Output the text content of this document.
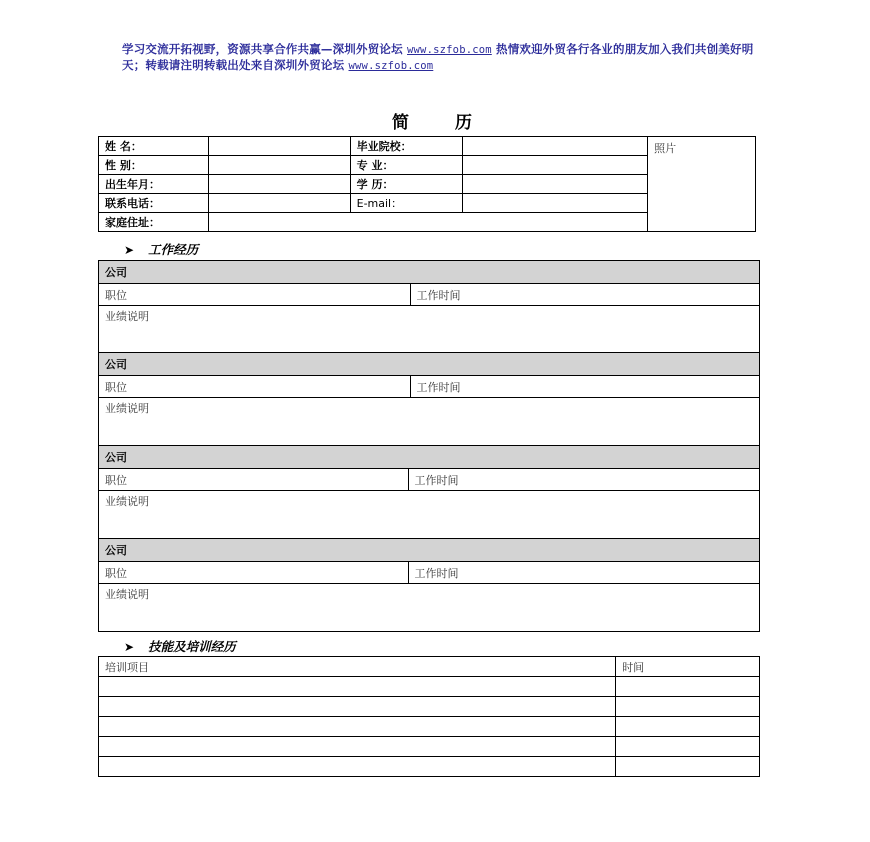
学习交流开拓视野，资源共享合作共赢—深圳外贸论坛 www.szfob.com 热情欢迎外贸各行各业的朋友加入我们共创美好明天；转载请注明转载出处来自深圳外贸论坛 www.szfob.com
简历
姓 名：		毕业院校：		照片
性 别：		专 业：		
出生年月：		学 历：		
联系电话：		E-mail：		
家庭住址：				
➤ 工作经历
公司
职位	工作时间
业绩说明
公司
职位	工作时间
业绩说明
公司
职位	工作时间
业绩说明
公司
职位	工作时间
业绩说明
➤ 技能及培训经历
培训项目	时间
